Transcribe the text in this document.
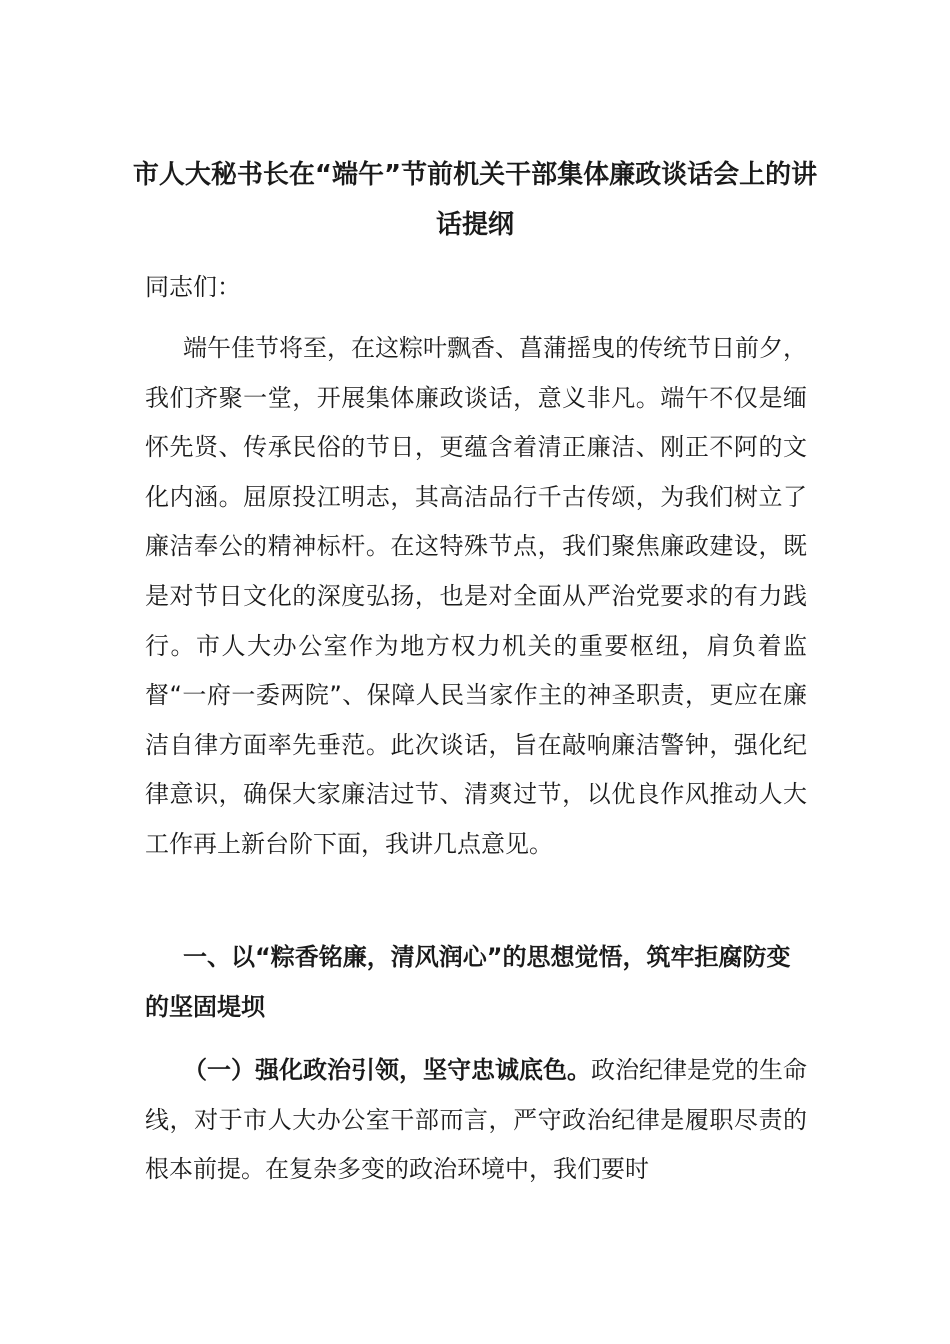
市人大秘书长在“端午”节前机关干部集体廉政谈话会上的讲话提纲

同志们：

端午佳节将至，在这粽叶飘香、菖蒲摇曳的传统节日前夕，我们齐聚一堂，开展集体廉政谈话，意义非凡。端午不仅是缅怀先贤、传承民俗的节日，更蕴含着清正廉洁、刚正不阿的文化内涵。屈原投江明志，其高洁品行千古传颂，为我们树立了廉洁奉公的精神标杆。在这特殊节点，我们聚焦廉政建设，既是对节日文化的深度弘扬，也是对全面从严治党要求的有力践行。市人大办公室作为地方权力机关的重要枢纽，肩负着监督“一府一委两院”、保障人民当家作主的神圣职责，更应在廉洁自律方面率先垂范。此次谈话，旨在敲响廉洁警钟，强化纪律意识，确保大家廉洁过节、清爽过节，以优良作风推动人大工作再上新台阶下面，我讲几点意见。

一、以“粽香铭廉，清风润心”的思想觉悟，筑牢拒腐防变的坚固堤坝

（一）强化政治引领，坚守忠诚底色。政治纪律是党的生命线，对于市人大办公室干部而言，严守政治纪律是履职尽责的根本前提。在复杂多变的政治环境中，我们要时
